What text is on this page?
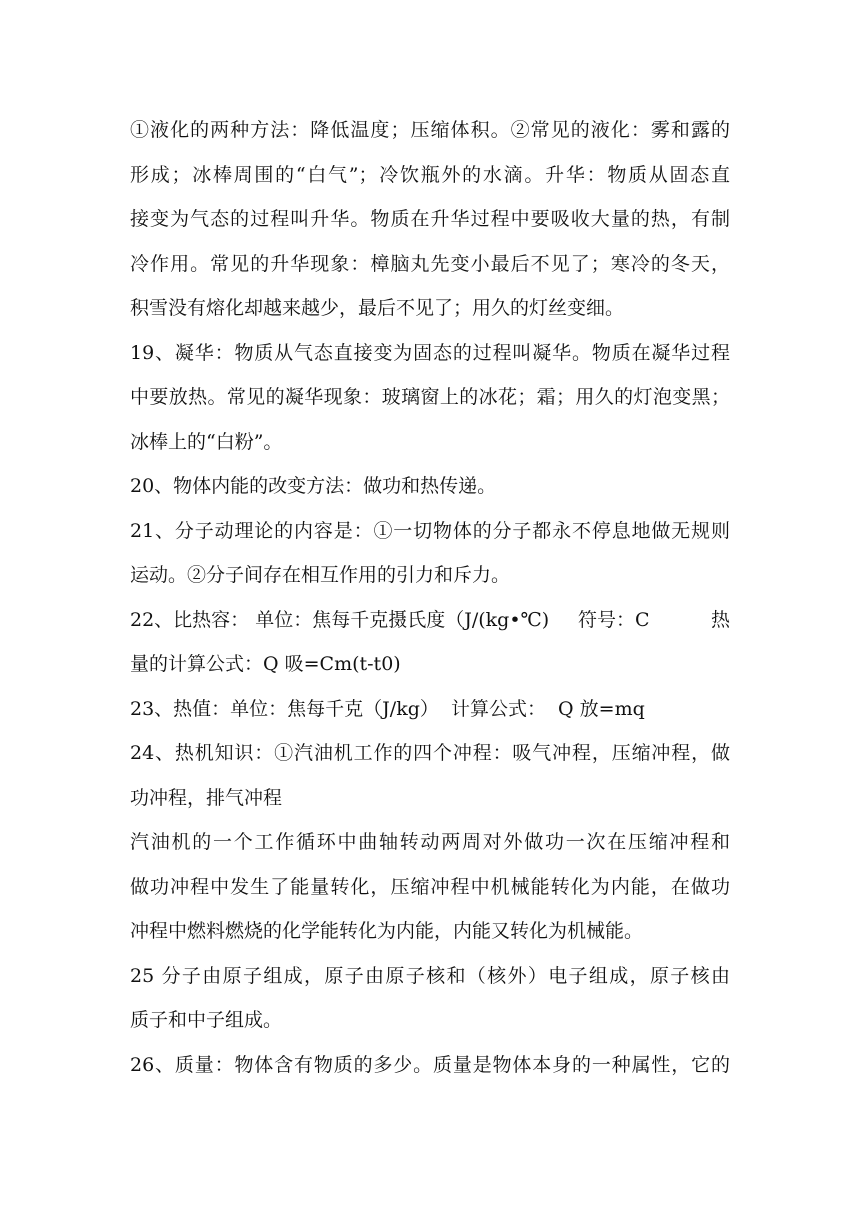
①液化的两种方法：降低温度；压缩体积。②常见的液化：雾和露的
形成；冰棒周围的“白气”；冷饮瓶外的水滴。升华：物质从固态直
接变为气态的过程叫升华。物质在升华过程中要吸收大量的热，有制
冷作用。常见的升华现象：樟脑丸先变小最后不见了；寒冷的冬天，
积雪没有熔化却越来越少，最后不见了；用久的灯丝变细。
19、凝华：物质从气态直接变为固态的过程叫凝华。物质在凝华过程
中要放热。常见的凝华现象：玻璃窗上的冰花；霜；用久的灯泡变黑；
冰棒上的“白粉”。
20、物体内能的改变方法：做功和热传递。
21、分子动理论的内容是：①一切物体的分子都永不停息地做无规则
运动。②分子间存在相互作用的引力和斥力。
22、比热容： 单位：焦每千克摄氏度（J/(kg•℃) 符号：C	热
量的计算公式：Q 吸=Cm(t-t0)
23、热值：单位：焦每千克（J/kg）  计算公式：  Q 放=mq
24、热机知识：①汽油机工作的四个冲程：吸气冲程，压缩冲程，做
功冲程，排气冲程
汽油机的一个工作循环中曲轴转动两周对外做功一次在压缩冲程和
做功冲程中发生了能量转化，压缩冲程中机械能转化为内能，在做功
冲程中燃料燃烧的化学能转化为内能，内能又转化为机械能。
25 分子由原子组成，原子由原子核和（核外）电子组成，原子核由
质子和中子组成。
26、质量：物体含有物质的多少。质量是物体本身的一种属性，它的
